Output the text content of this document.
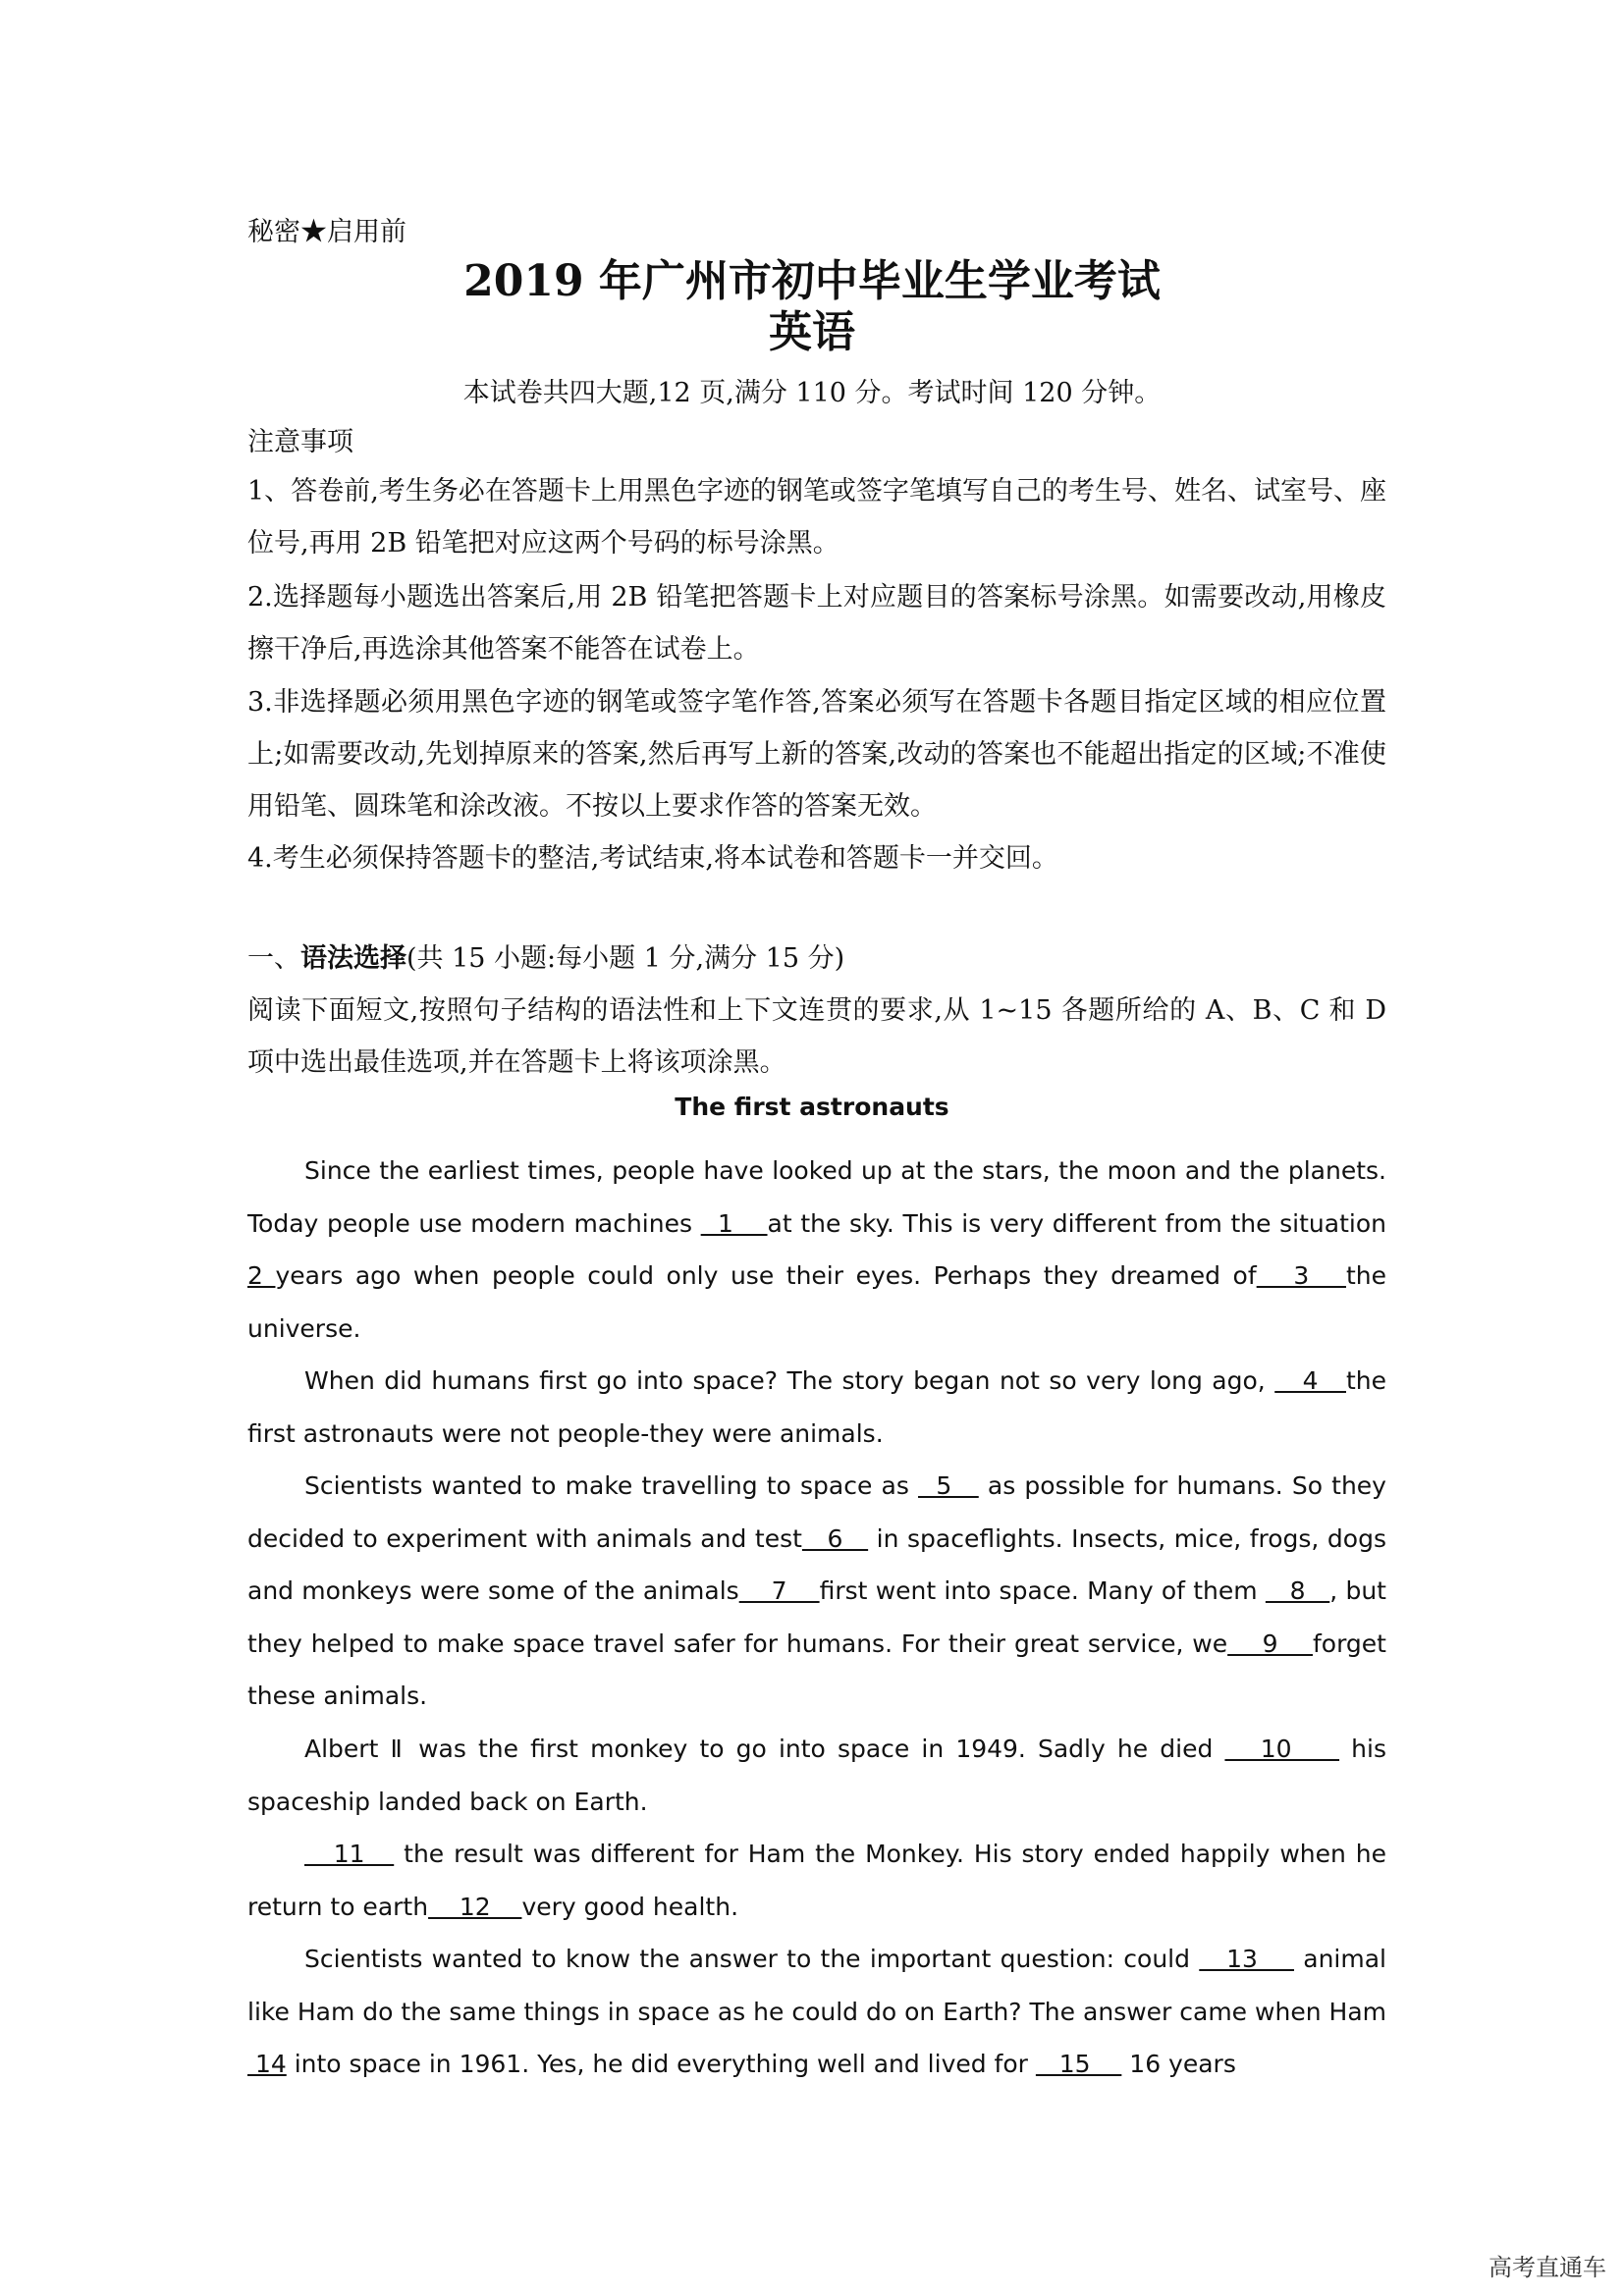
秘密★启用前
2019 年广州市初中毕业生学业考试
英语
本试卷共四大题,12 页,满分 110 分。考试时间 120 分钟。
注意事项
1、答卷前,考生务必在答题卡上用黑色字迹的钢笔或签字笔填写自己的考生号、姓名、试室号、座位号,再用 2B 铅笔把对应这两个号码的标号涂黑。
2.选择题每小题选出答案后,用 2B 铅笔把答题卡上对应题目的答案标号涂黑。如需要改动,用橡皮擦干净后,再选涂其他答案不能答在试卷上。
3.非选择题必须用黑色字迹的钢笔或签字笔作答,答案必须写在答题卡各题目指定区域的相应位置上;如需要改动,先划掉原来的答案,然后再写上新的答案,改动的答案也不能超出指定的区域;不准使用铅笔、圆珠笔和涂改液。不按以上要求作答的答案无效。
4.考生必须保持答题卡的整洁,考试结束,将本试卷和答题卡一并交回。
一、语法选择(共 15 小题:每小题 1 分,满分 15 分)
阅读下面短文,按照句子结构的语法性和上下文连贯的要求,从 1~15 各题所给的 A、B、C 和 D 项中选出最佳选项,并在答题卡上将该项涂黑。
The first astronauts
Since the earliest times, people have looked up at the stars, the moon and the planets. Today people use modern machines   1    at the sky. This is very different from the situation 2 years ago when people could only use their eyes. Perhaps they dreamed of   3   the universe.
When did humans first go into space? The story began not so very long ago,    4   the first astronauts were not people-they were animals.
Scientists wanted to make travelling to space as   5    as possible for humans. So they decided to experiment with animals and test   6    in spaceflights. Insects, mice, frogs, dogs and monkeys were some of the animals    7    first went into space. Many of them    8   , but they helped to make space travel safer for humans. For their great service, we    9    forget these animals.
Albert Ⅱ was the first monkey to go into space in 1949. Sadly he died    10     his spaceship landed back on Earth.
11    the result was different for Ham the Monkey. His story ended happily when he return to earth    12    very good health.
Scientists wanted to know the answer to the important question: could    13     animal like Ham do the same things in space as he could do on Earth? The answer came when Ham  14 into space in 1961. Yes, he did everything well and lived for    15     16 years
高考直通车
